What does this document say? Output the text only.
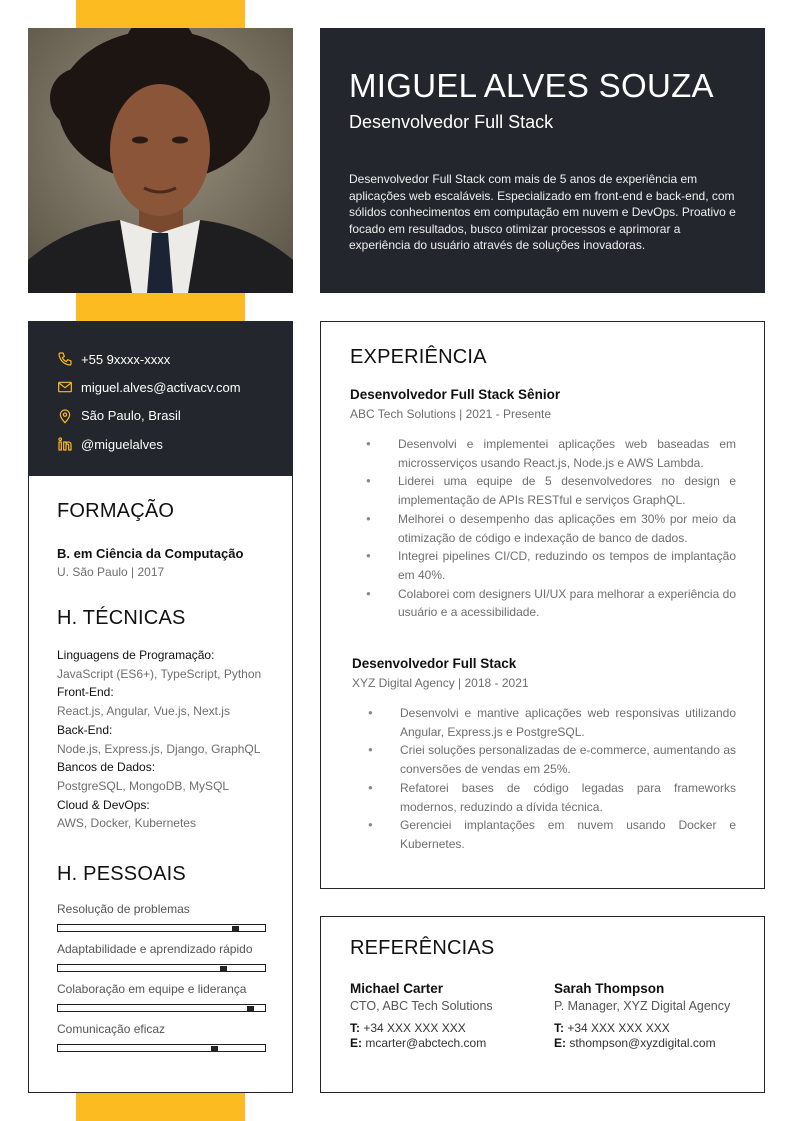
MIGUEL ALVES SOUZA
Desenvolvedor Full Stack
Desenvolvedor Full Stack com mais de 5 anos de experiência em aplicações web escaláveis. Especializado em front-end e back-end, com sólidos conhecimentos em computação em nuvem e DevOps. Proativo e focado em resultados, busco otimizar processos e aprimorar a experiência do usuário através de soluções inovadoras.
+55 9xxxx-xxxx
miguel.alves@activacv.com
São Paulo, Brasil
@miguelalves
FORMAÇÃO
B. em Ciência da Computação
U. São Paulo | 2017
H. TÉCNICAS
Linguagens de Programação:
JavaScript (ES6+), TypeScript, Python
Front-End:
React.js, Angular, Vue.js, Next.js
Back-End:
Node.js, Express.js, Django, GraphQL
Bancos de Dados:
PostgreSQL, MongoDB, MySQL
Cloud & DevOps:
AWS, Docker, Kubernetes
H. PESSOAIS
Resolução de problemas
Adaptabilidade e aprendizado rápido
Colaboração em equipe e liderança
Comunicação eficaz
EXPERIÊNCIA
Desenvolvedor Full Stack Sênior
ABC Tech Solutions | 2021 - Presente
● Desenvolvi e implementei aplicações web baseadas em microsserviços usando React.js, Node.js e AWS Lambda.
● Liderei uma equipe de 5 desenvolvedores no design e implementação de APIs RESTful e serviços GraphQL.
● Melhorei o desempenho das aplicações em 30% por meio da otimização de código e indexação de banco de dados.
● Integrei pipelines CI/CD, reduzindo os tempos de implantação em 40%.
● Colaborei com designers UI/UX para melhorar a experiência do usuário e a acessibilidade.
Desenvolvedor Full Stack
XYZ Digital Agency | 2018 - 2021
● Desenvolvi e mantive aplicações web responsivas utilizando Angular, Express.js e PostgreSQL.
● Criei soluções personalizadas de e-commerce, aumentando as conversões de vendas em 25%.
● Refatorei bases de código legadas para frameworks modernos, reduzindo a dívida técnica.
● Gerenciei implantações em nuvem usando Docker e Kubernetes.
REFERÊNCIAS
Michael Carter
CTO, ABC Tech Solutions
T: +34 XXX XXX XXX
E: mcarter@abctech.com
Sarah Thompson
P. Manager, XYZ Digital Agency
T: +34 XXX XXX XXX
E: sthompson@xyzdigital.com
